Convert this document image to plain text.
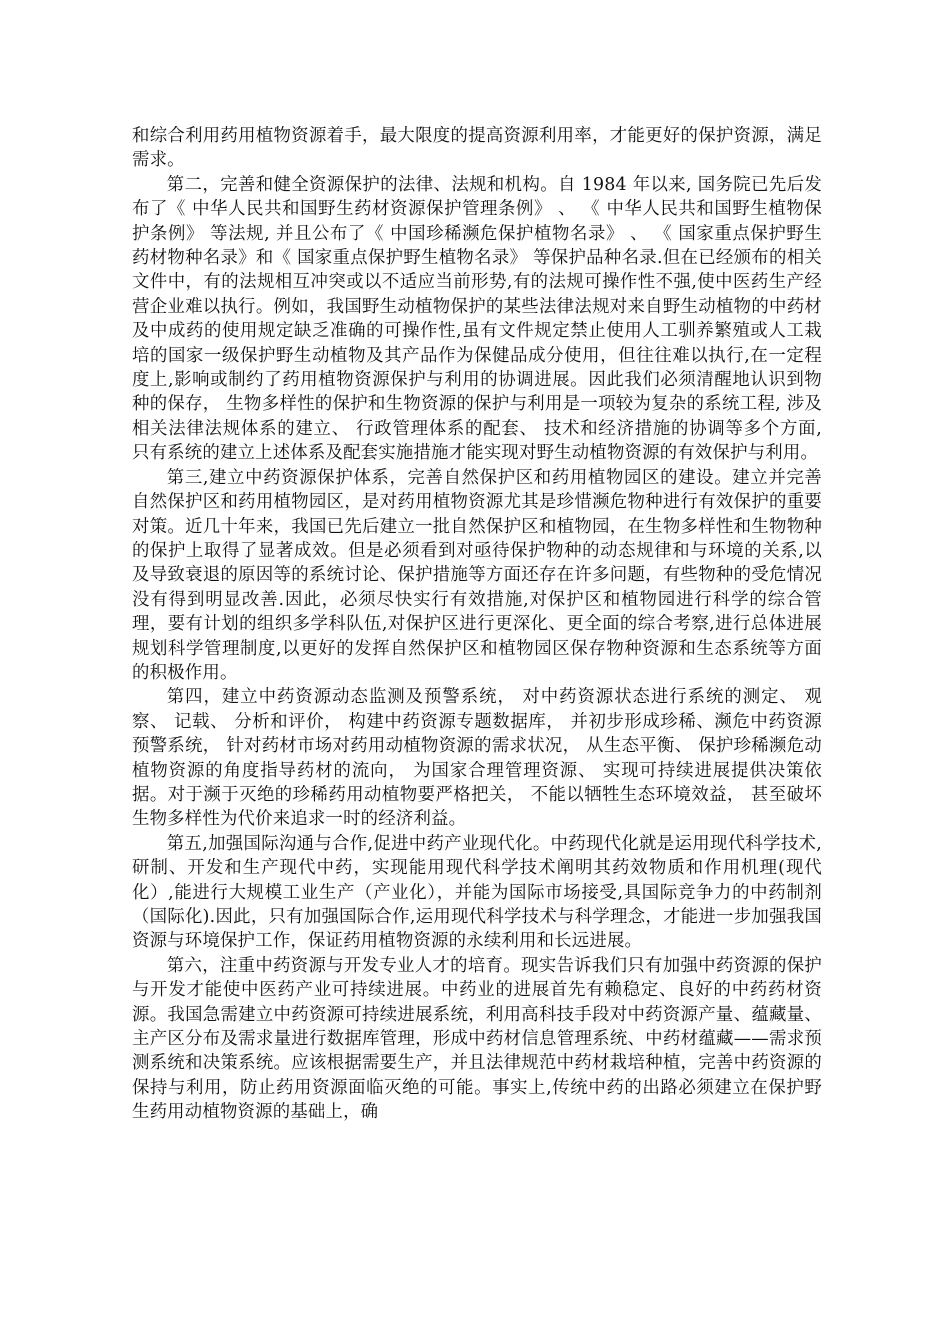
和综合利用药用植物资源着手，最大限度的提高资源利用率，才能更好的保护资源，满足需求。

第二，完善和健全资源保护的法律、法规和机构。自 1984 年以来, 国务院已先后发布了《 中华人民共和国野生药材资源保护管理条例》 、 《 中华人民共和国野生植物保护条例》 等法规, 并且公布了《 中国珍稀濒危保护植物名录》 、 《 国家重点保护野生药材物种名录》和《 国家重点保护野生植物名录》 等保护品种名录.但在已经颁布的相关文件中，有的法规相互冲突或以不适应当前形势,有的法规可操作性不强,使中医药生产经营企业难以执行。例如，我国野生动植物保护的某些法律法规对来自野生动植物的中药材及中成药的使用规定缺乏准确的可操作性,虽有文件规定禁止使用人工驯养繁殖或人工栽培的国家一级保护野生动植物及其产品作为保健品成分使用，但往往难以执行,在一定程度上,影响或制约了药用植物资源保护与利用的协调进展。因此我们必须清醒地认识到物种的保存， 生物多样性的保护和生物资源的保护与利用是一项较为复杂的系统工程, 涉及相关法律法规体系的建立、 行政管理体系的配套、 技术和经济措施的协调等多个方面, 只有系统的建立上述体系及配套实施措施才能实现对野生动植物资源的有效保护与利用。

第三,建立中药资源保护体系，完善自然保护区和药用植物园区的建设。建立并完善自然保护区和药用植物园区，是对药用植物资源尤其是珍惜濒危物种进行有效保护的重要对策。近几十年来，我国已先后建立一批自然保护区和植物园，在生物多样性和生物物种的保护上取得了显著成效。但是必须看到对亟待保护物种的动态规律和与环境的关系,以及导致衰退的原因等的系统讨论、保护措施等方面还存在许多问题，有些物种的受危情况没有得到明显改善.因此，必须尽快实行有效措施,对保护区和植物园进行科学的综合管理，要有计划的组织多学科队伍,对保护区进行更深化、更全面的综合考察,进行总体进展规划科学管理制度,以更好的发挥自然保护区和植物园区保存物种资源和生态系统等方面的积极作用。

第四，建立中药资源动态监测及预警系统， 对中药资源状态进行系统的测定、 观察、 记载、 分析和评价， 构建中药资源专题数据库， 并初步形成珍稀、濒危中药资源预警系统， 针对药材市场对药用动植物资源的需求状况， 从生态平衡、 保护珍稀濒危动植物资源的角度指导药材的流向， 为国家合理管理资源、 实现可持续进展提供决策依据。对于濒于灭绝的珍稀药用动植物要严格把关， 不能以牺牲生态环境效益， 甚至破坏生物多样性为代价来追求一时的经济利益。

第五,加强国际沟通与合作,促进中药产业现代化。中药现代化就是运用现代科学技术,研制、开发和生产现代中药，实现能用现代科学技术阐明其药效物质和作用机理(现代化）,能进行大规模工业生产（产业化），并能为国际市场接受,具国际竞争力的中药制剂（国际化).因此，只有加强国际合作,运用现代科学技术与科学理念，才能进一步加强我国资源与环境保护工作，保证药用植物资源的永续利用和长远进展。

第六，注重中药资源与开发专业人才的培育。现实告诉我们只有加强中药资源的保护与开发才能使中医药产业可持续进展。中药业的进展首先有赖稳定、良好的中药药材资源。我国急需建立中药资源可持续进展系统，利用高科技手段对中药资源产量、蕴藏量、主产区分布及需求量进行数据库管理，形成中药材信息管理系统、中药材蕴藏——需求预测系统和决策系统。应该根据需要生产，并且法律规范中药材栽培种植，完善中药资源的保持与利用，防止药用资源面临灭绝的可能。事实上,传统中药的出路必须建立在保护野生药用动植物资源的基础上，确
